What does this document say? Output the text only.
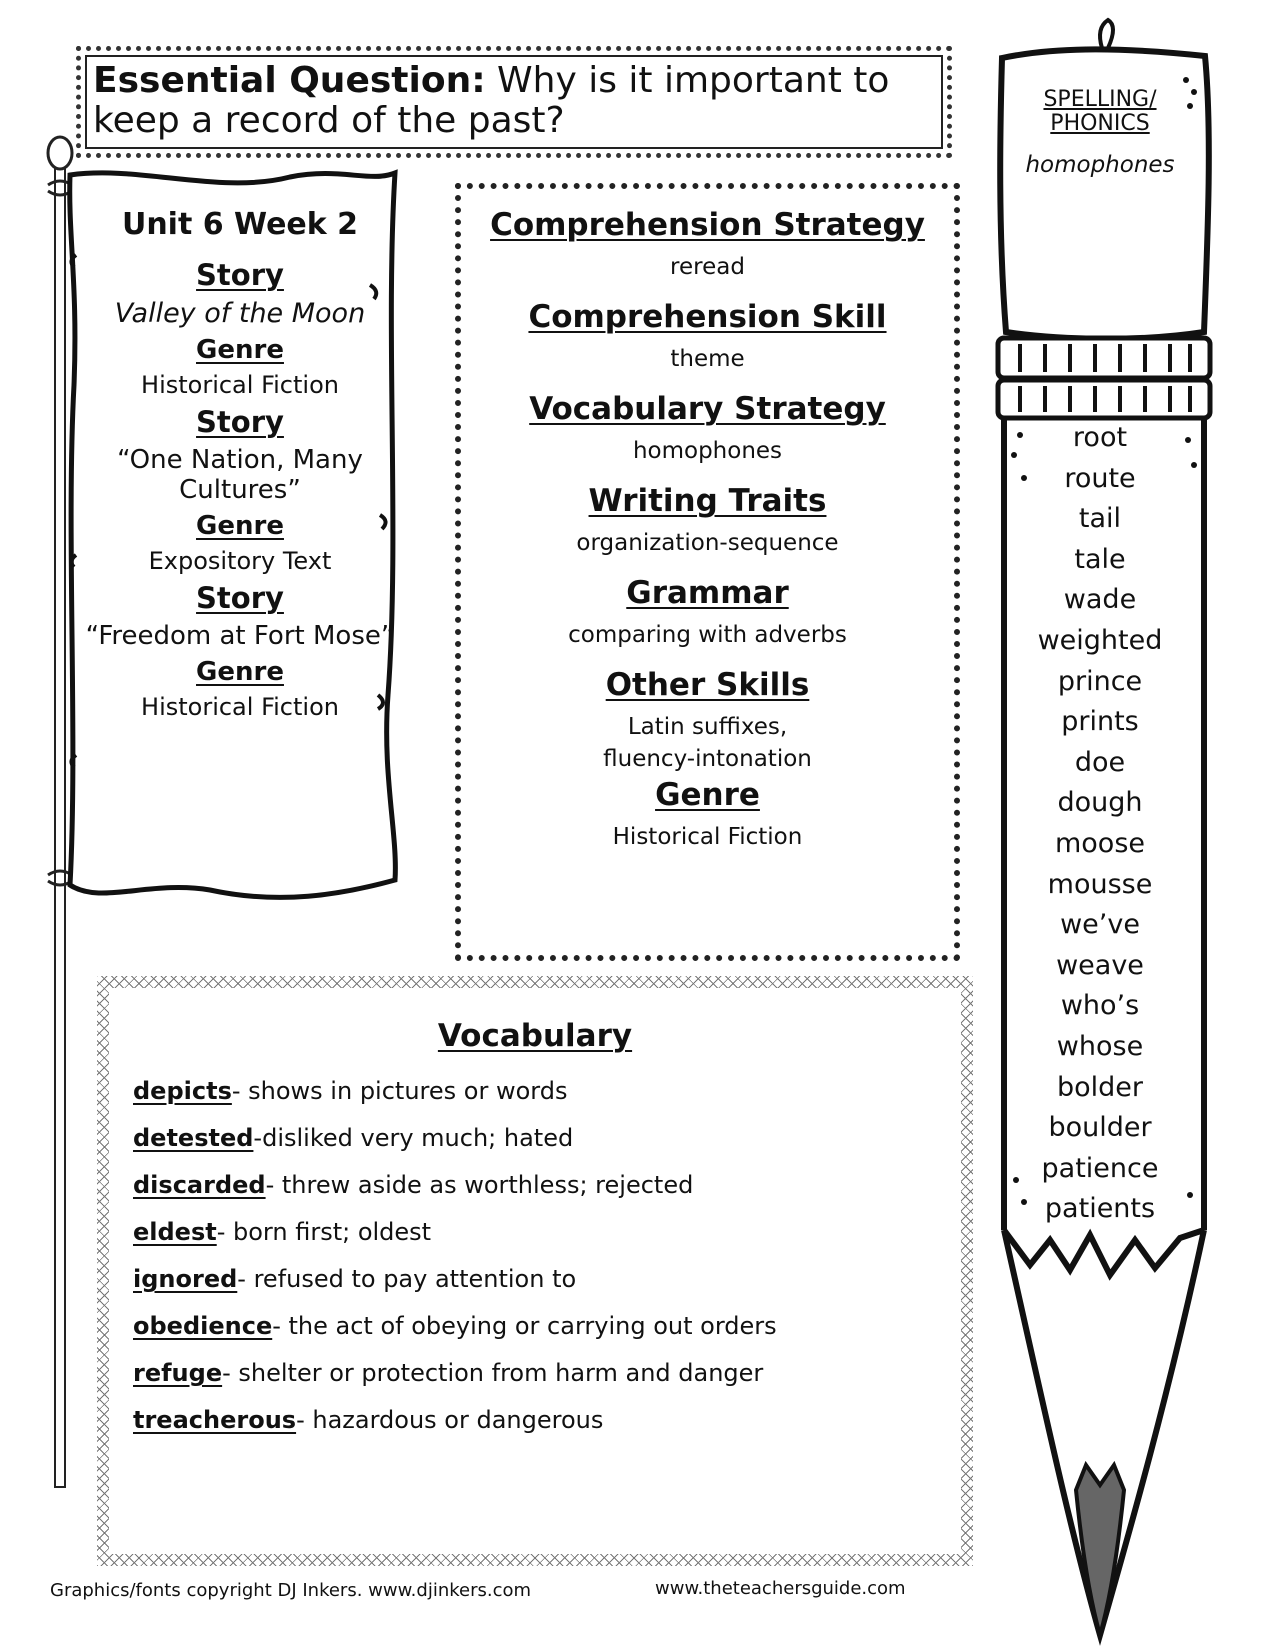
Essential Question: Why is it important to keep a record of the past?
Unit 6 Week 2
Story
Valley of the Moon
Genre
Historical Fiction
Story
“One Nation, Many Cultures”
Genre
Expository Text
Story
“Freedom at Fort Mose”
Genre
Historical Fiction
Comprehension Strategy
reread
Comprehension Skill
theme
Vocabulary Strategy
homophones
Writing Traits
organization-sequence
Grammar
comparing with adverbs
Other Skills
Latin suffixes,
fluency-intonation
Genre
Historical Fiction
Vocabulary
depicts- shows in pictures or words
detested-disliked very much; hated
discarded- threw aside as worthless; rejected
eldest- born first; oldest
ignored- refused to pay attention to
obedience- the act of obeying or carrying out orders
refuge- shelter or protection from harm and danger
treacherous- hazardous or dangerous
SPELLING/
PHONICS
homophones
root
route
tail
tale
wade
weighted
prince
prints
doe
dough
moose
mousse
we’ve
weave
who’s
whose
bolder
boulder
patience
patients
Graphics/fonts copyright DJ Inkers. www.djinkers.com	www.theteachersguide.com
